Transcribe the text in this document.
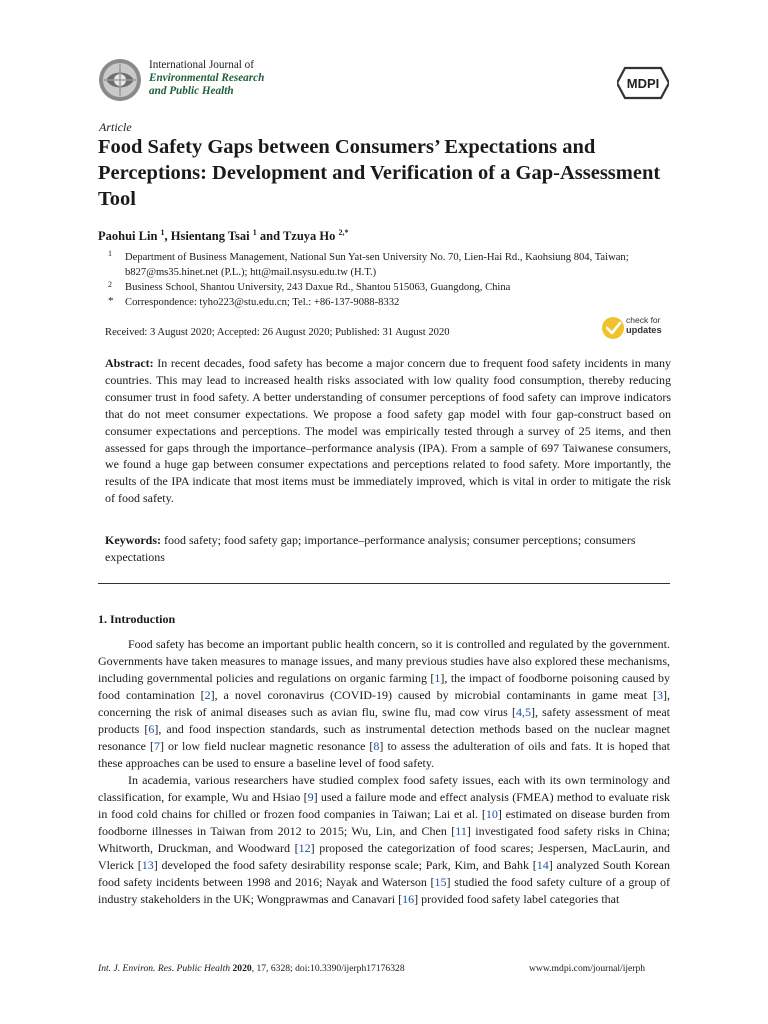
International Journal of
Environmental Research
and Public Health	MDPI
Article
Food Safety Gaps between Consumers’ Expectations and Perceptions: Development and Verification of a Gap-Assessment Tool
Paohui Lin $^1$, Hsientang Tsai $^1$ and Tzuya Ho $^{2,*}$
1	Department of Business Management, National Sun Yat-sen University No. 70, Lien-Hai Rd., Kaohsiung 804, Taiwan; b827@ms35.hinet.net (P.L.); htt@mail.nsysu.edu.tw (H.T.)
2	Business School, Shantou University, 243 Daxue Rd., Shantou 515063, Guangdong, China
*	Correspondence: tyho223@stu.edu.cn; Tel.: +86-137-9088-8332
Received: 3 August 2020; Accepted: 26 August 2020; Published: 31 August 2020
check for
updates
Abstract: In recent decades, food safety has become a major concern due to frequent food safety incidents in many countries. This may lead to increased health risks associated with low quality food consumption, thereby reducing consumer trust in food safety. A better understanding of consumer perceptions of food safety can improve indicators that do not meet consumer expectations. We propose a food safety gap model with four gap-construct based on consumer expectations and perceptions. The model was empirically tested through a survey of 25 items, and then assessed for gaps through the importance–performance analysis (IPA). From a sample of 697 Taiwanese consumers, we found a huge gap between consumer expectations and perceptions related to food safety. More importantly, the results of the IPA indicate that most items must be immediately improved, which is vital in order to mitigate the risk of food safety.
Keywords: food safety; food safety gap; importance–performance analysis; consumer perceptions; consumers expectations
1. Introduction

Food safety has become an important public health concern, so it is controlled and regulated by the government. Governments have taken measures to manage issues, and many previous studies have also explored these mechanisms, including governmental policies and regulations on organic farming [1], the impact of foodborne poisoning caused by food contamination [2], a novel coronavirus (COVID-19) caused by microbial contaminants in game meat [3], concerning the risk of animal diseases such as avian flu, swine flu, mad cow virus [4,5], safety assessment of meat products [6], and food inspection standards, such as instrumental detection methods based on the nuclear magnet resonance [7] or low field nuclear magnetic resonance [8] to assess the adulteration of oils and fats. It is hoped that these approaches can be used to ensure a baseline level of food safety.

In academia, various researchers have studied complex food safety issues, each with its own terminology and classification, for example, Wu and Hsiao [9] used a failure mode and effect analysis (FMEA) method to evaluate risk in food cold chains for chilled or frozen food companies in Taiwan; Lai et al. [10] estimated on disease burden from foodborne illnesses in Taiwan from 2012 to 2015; Wu, Lin, and Chen [11] investigated food safety risks in China; Whitworth, Druckman, and Woodward [12] proposed the categorization of food scares; Jespersen, MacLaurin, and Vlerick [13] developed the food safety desirability response scale; Park, Kim, and Bahk [14] analyzed South Korean food safety incidents between 1998 and 2016; Nayak and Waterson [15] studied the food safety culture of a group of industry stakeholders in the UK; Wongprawmas and Canavari [16] provided food safety label categories that

Int. J. Environ. Res. Public Health 2020, 17, 6328; doi:10.3390/ijerph17176328	www.mdpi.com/journal/ijerph
